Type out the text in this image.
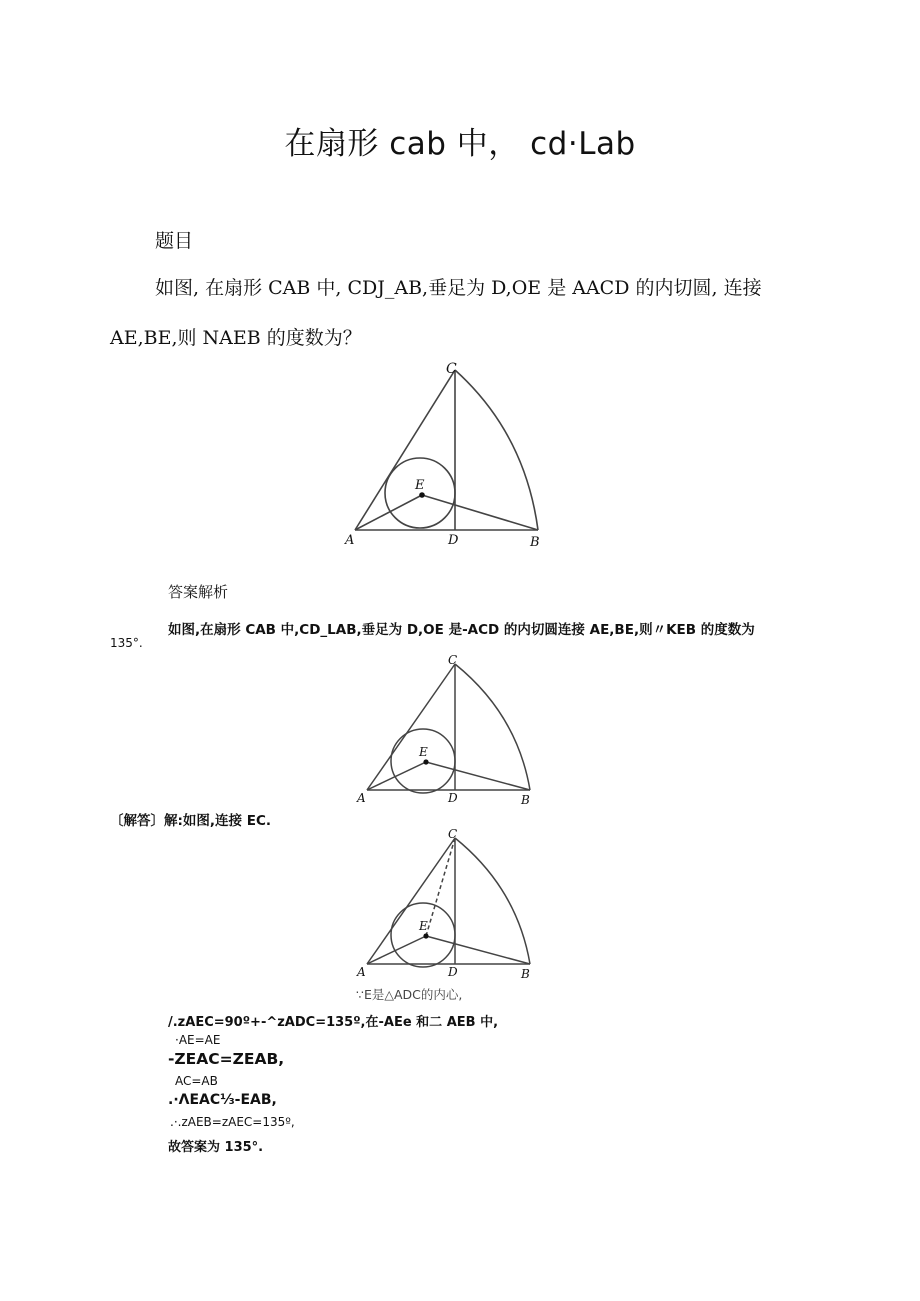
在扇形 cab 中， cd·Lab
题目
如图, 在扇形 CAB 中, CDJ_AB,垂足为 D,OE 是 AACD 的内切圆, 连接
AE,BE,则 NAEB 的度数为？
C
E
A	D	B
答案解析
如图,在扇形 CAB 中,CD_LAB,垂足为 D,OE 是-ACD 的内切圆连接 AE,BE,则〃KEB 的度数为
135°.
C
E
A	D	B
〔解答〕解:如图,连接 EC.
C
E
A	D	B
∵E是△ADC的内心,
/.zAEC=90º+-^zADC=135º,在-AEe 和二 AEB 中,
·AE=AE
-ZEAC=ZEAB,
AC=AB
.·ΛEAC⅓-EAB,
.·.zAEB=zAEC=135º,
故答案为 135°.
